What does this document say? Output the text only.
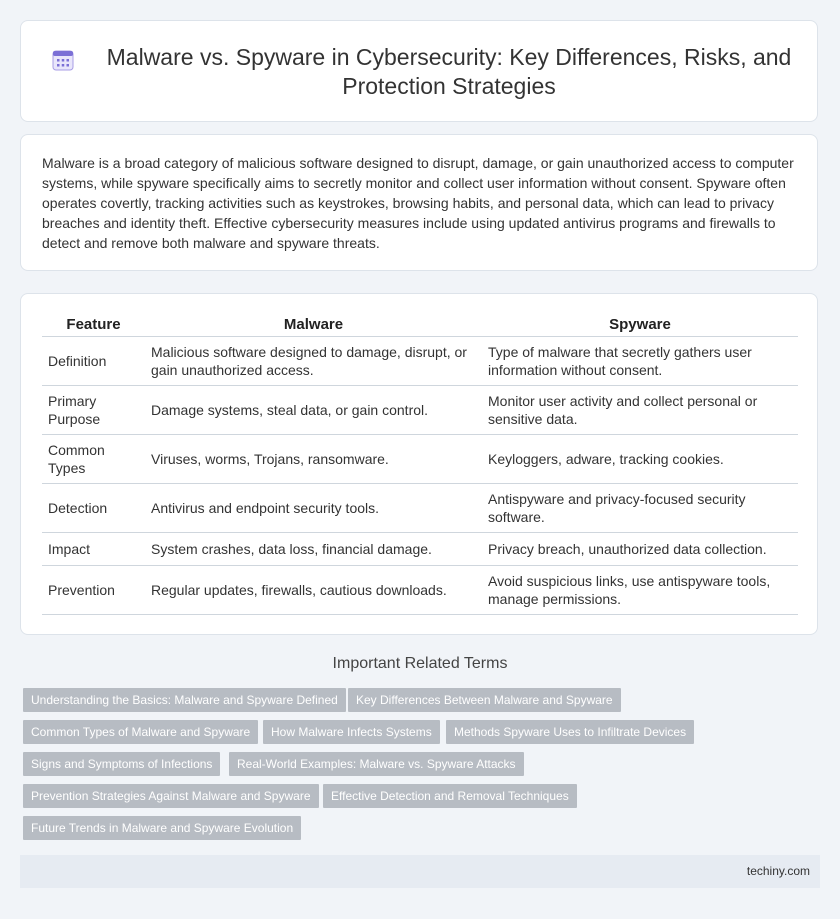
Malware vs. Spyware in Cybersecurity: Key Differences, Risks, and Protection Strategies

Malware is a broad category of malicious software designed to disrupt, damage, or gain unauthorized access to computer systems, while spyware specifically aims to secretly monitor and collect user information without consent. Spyware often operates covertly, tracking activities such as keystrokes, browsing habits, and personal data, which can lead to privacy breaches and identity theft. Effective cybersecurity measures include using updated antivirus programs and firewalls to detect and remove both malware and spyware threats.

Feature	Malware	Spyware
Definition	Malicious software designed to damage, disrupt, or gain unauthorized access.	Type of malware that secretly gathers user information without consent.
Primary Purpose	Damage systems, steal data, or gain control.	Monitor user activity and collect personal or sensitive data.
Common Types	Viruses, worms, Trojans, ransomware.	Keyloggers, adware, tracking cookies.
Detection	Antivirus and endpoint security tools.	Antispyware and privacy-focused security software.
Impact	System crashes, data loss, financial damage.	Privacy breach, unauthorized data collection.
Prevention	Regular updates, firewalls, cautious downloads.	Avoid suspicious links, use antispyware tools, manage permissions.
Important Related Terms
Understanding the Basics: Malware and Spyware Defined	Key Differences Between Malware and Spyware
Common Types of Malware and Spyware	How Malware Infects Systems	Methods Spyware Uses to Infiltrate Devices
Signs and Symptoms of Infections	Real-World Examples: Malware vs. Spyware Attacks
Prevention Strategies Against Malware and Spyware	Effective Detection and Removal Techniques
Future Trends in Malware and Spyware Evolution
techiny.com
